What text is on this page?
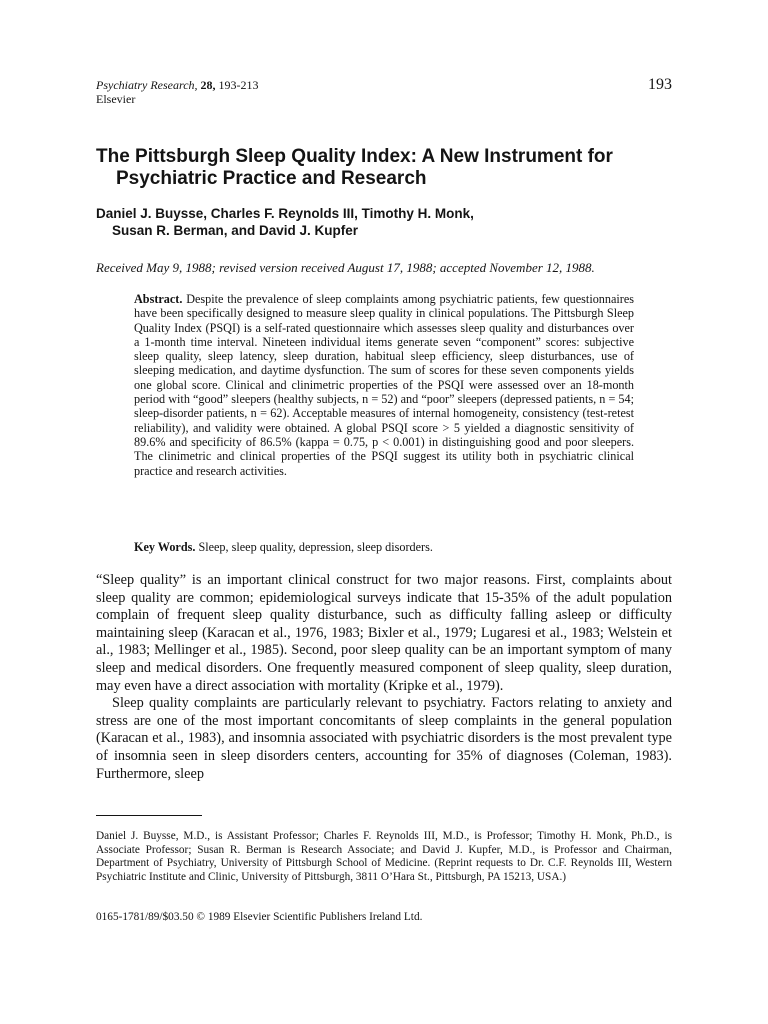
Psychiatry Research, 28, 193-213
Elsevier
193
The Pittsburgh Sleep Quality Index: A New Instrument for
Psychiatric Practice and Research
Daniel J. Buysse, Charles F. Reynolds III, Timothy H. Monk,
Susan R. Berman, and David J. Kupfer
Received May 9, 1988; revised version received August 17, 1988; accepted November 12, 1988.

Abstract. Despite the prevalence of sleep complaints among psychiatric patients, few questionnaires have been specifically designed to measure sleep quality in clinical populations. The Pittsburgh Sleep Quality Index (PSQI) is a self-rated questionnaire which assesses sleep quality and disturbances over a 1-month time interval. Nineteen individual items generate seven “component” scores: subjective sleep quality, sleep latency, sleep duration, habitual sleep efficiency, sleep disturbances, use of sleeping medication, and daytime dysfunction. The sum of scores for these seven components yields one global score. Clinical and clinimetric properties of the PSQI were assessed over an 18-month period with “good” sleepers (healthy subjects, n = 52) and “poor” sleepers (depressed patients, n = 54; sleep-disorder patients, n = 62). Acceptable measures of internal homogeneity, consistency (test-retest reliability), and validity were obtained. A global PSQI score > 5 yielded a diagnostic sensitivity of 89.6% and specificity of 86.5% (kappa = 0.75, p < 0.001) in distinguishing good and poor sleepers. The clinimetric and clinical properties of the PSQI suggest its utility both in psychiatric clinical practice and research activities.

Key Words. Sleep, sleep quality, depression, sleep disorders.

“Sleep quality” is an important clinical construct for two major reasons. First, complaints about sleep quality are common; epidemiological surveys indicate that 15-35% of the adult population complain of frequent sleep quality disturbance, such as difficulty falling asleep or difficulty maintaining sleep (Karacan et al., 1976, 1983; Bixler et al., 1979; Lugaresi et al., 1983; Welstein et al., 1983; Mellinger et al., 1985). Second, poor sleep quality can be an important symptom of many sleep and medical disorders. One frequently measured component of sleep quality, sleep duration, may even have a direct association with mortality (Kripke et al., 1979).

Sleep quality complaints are particularly relevant to psychiatry. Factors relating to anxiety and stress are one of the most important concomitants of sleep complaints in the general population (Karacan et al., 1983), and insomnia associated with psychiatric disorders is the most prevalent type of insomnia seen in sleep disorders centers, accounting for 35% of diagnoses (Coleman, 1983). Furthermore, sleep

Daniel J. Buysse, M.D., is Assistant Professor; Charles F. Reynolds III, M.D., is Professor; Timothy H. Monk, Ph.D., is Associate Professor; Susan R. Berman is Research Associate; and David J. Kupfer, M.D., is Professor and Chairman, Department of Psychiatry, University of Pittsburgh School of Medicine. (Reprint requests to Dr. C.F. Reynolds III, Western Psychiatric Institute and Clinic, University of Pittsburgh, 3811 O’Hara St., Pittsburgh, PA 15213, USA.)

0165-1781/89/$03.50 © 1989 Elsevier Scientific Publishers Ireland Ltd.
